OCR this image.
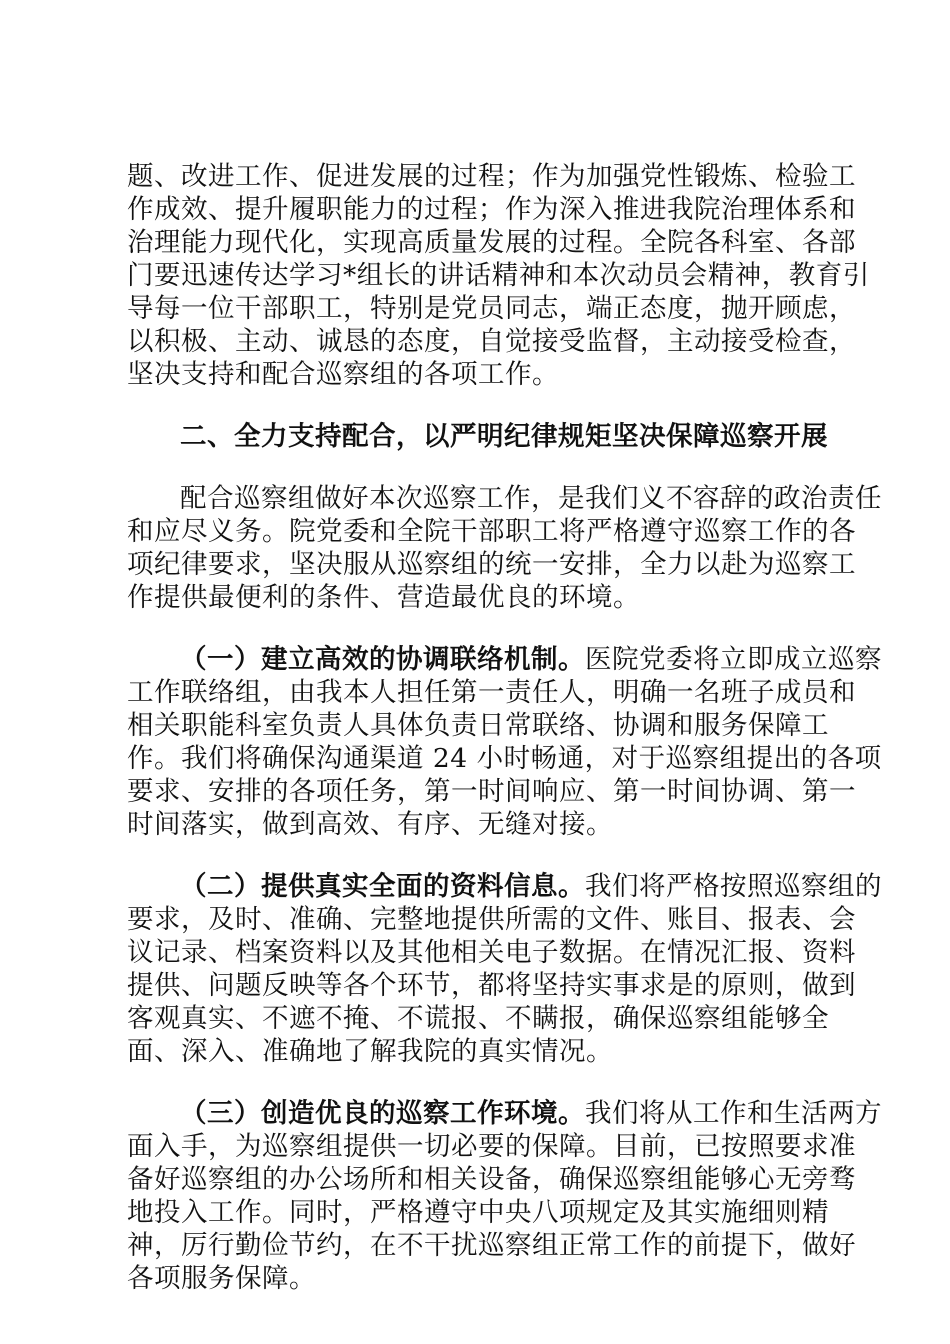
题、改进工作、促进发展的过程；作为加强党性锻炼、检验工
作成效、提升履职能力的过程；作为深入推进我院治理体系和
治理能力现代化，实现高质量发展的过程。全院各科室、各部
门要迅速传达学习*组长的讲话精神和本次动员会精神，教育引
导每一位干部职工，特别是党员同志，端正态度，抛开顾虑，
以积极、主动、诚恳的态度，自觉接受监督，主动接受检查，
坚决支持和配合巡察组的各项工作。
二、全力支持配合，以严明纪律规矩坚决保障巡察开展
配合巡察组做好本次巡察工作，是我们义不容辞的政治责任
和应尽义务。院党委和全院干部职工将严格遵守巡察工作的各
项纪律要求，坚决服从巡察组的统一安排，全力以赴为巡察工
作提供最便利的条件、营造最优良的环境。
（一）建立高效的协调联络机制。医院党委将立即成立巡察
工作联络组，由我本人担任第一责任人，明确一名班子成员和
相关职能科室负责人具体负责日常联络、协调和服务保障工
作。我们将确保沟通渠道 24 小时畅通，对于巡察组提出的各项
要求、安排的各项任务，第一时间响应、第一时间协调、第一
时间落实，做到高效、有序、无缝对接。
（二）提供真实全面的资料信息。我们将严格按照巡察组的
要求，及时、准确、完整地提供所需的文件、账目、报表、会
议记录、档案资料以及其他相关电子数据。在情况汇报、资料
提供、问题反映等各个环节，都将坚持实事求是的原则，做到
客观真实、不遮不掩、不谎报、不瞒报，确保巡察组能够全
面、深入、准确地了解我院的真实情况。
（三）创造优良的巡察工作环境。我们将从工作和生活两方
面入手，为巡察组提供一切必要的保障。目前，已按照要求准
备好巡察组的办公场所和相关设备，确保巡察组能够心无旁骛
地投入工作。同时，严格遵守中央八项规定及其实施细则精
神，厉行勤俭节约，在不干扰巡察组正常工作的前提下，做好
各项服务保障。
